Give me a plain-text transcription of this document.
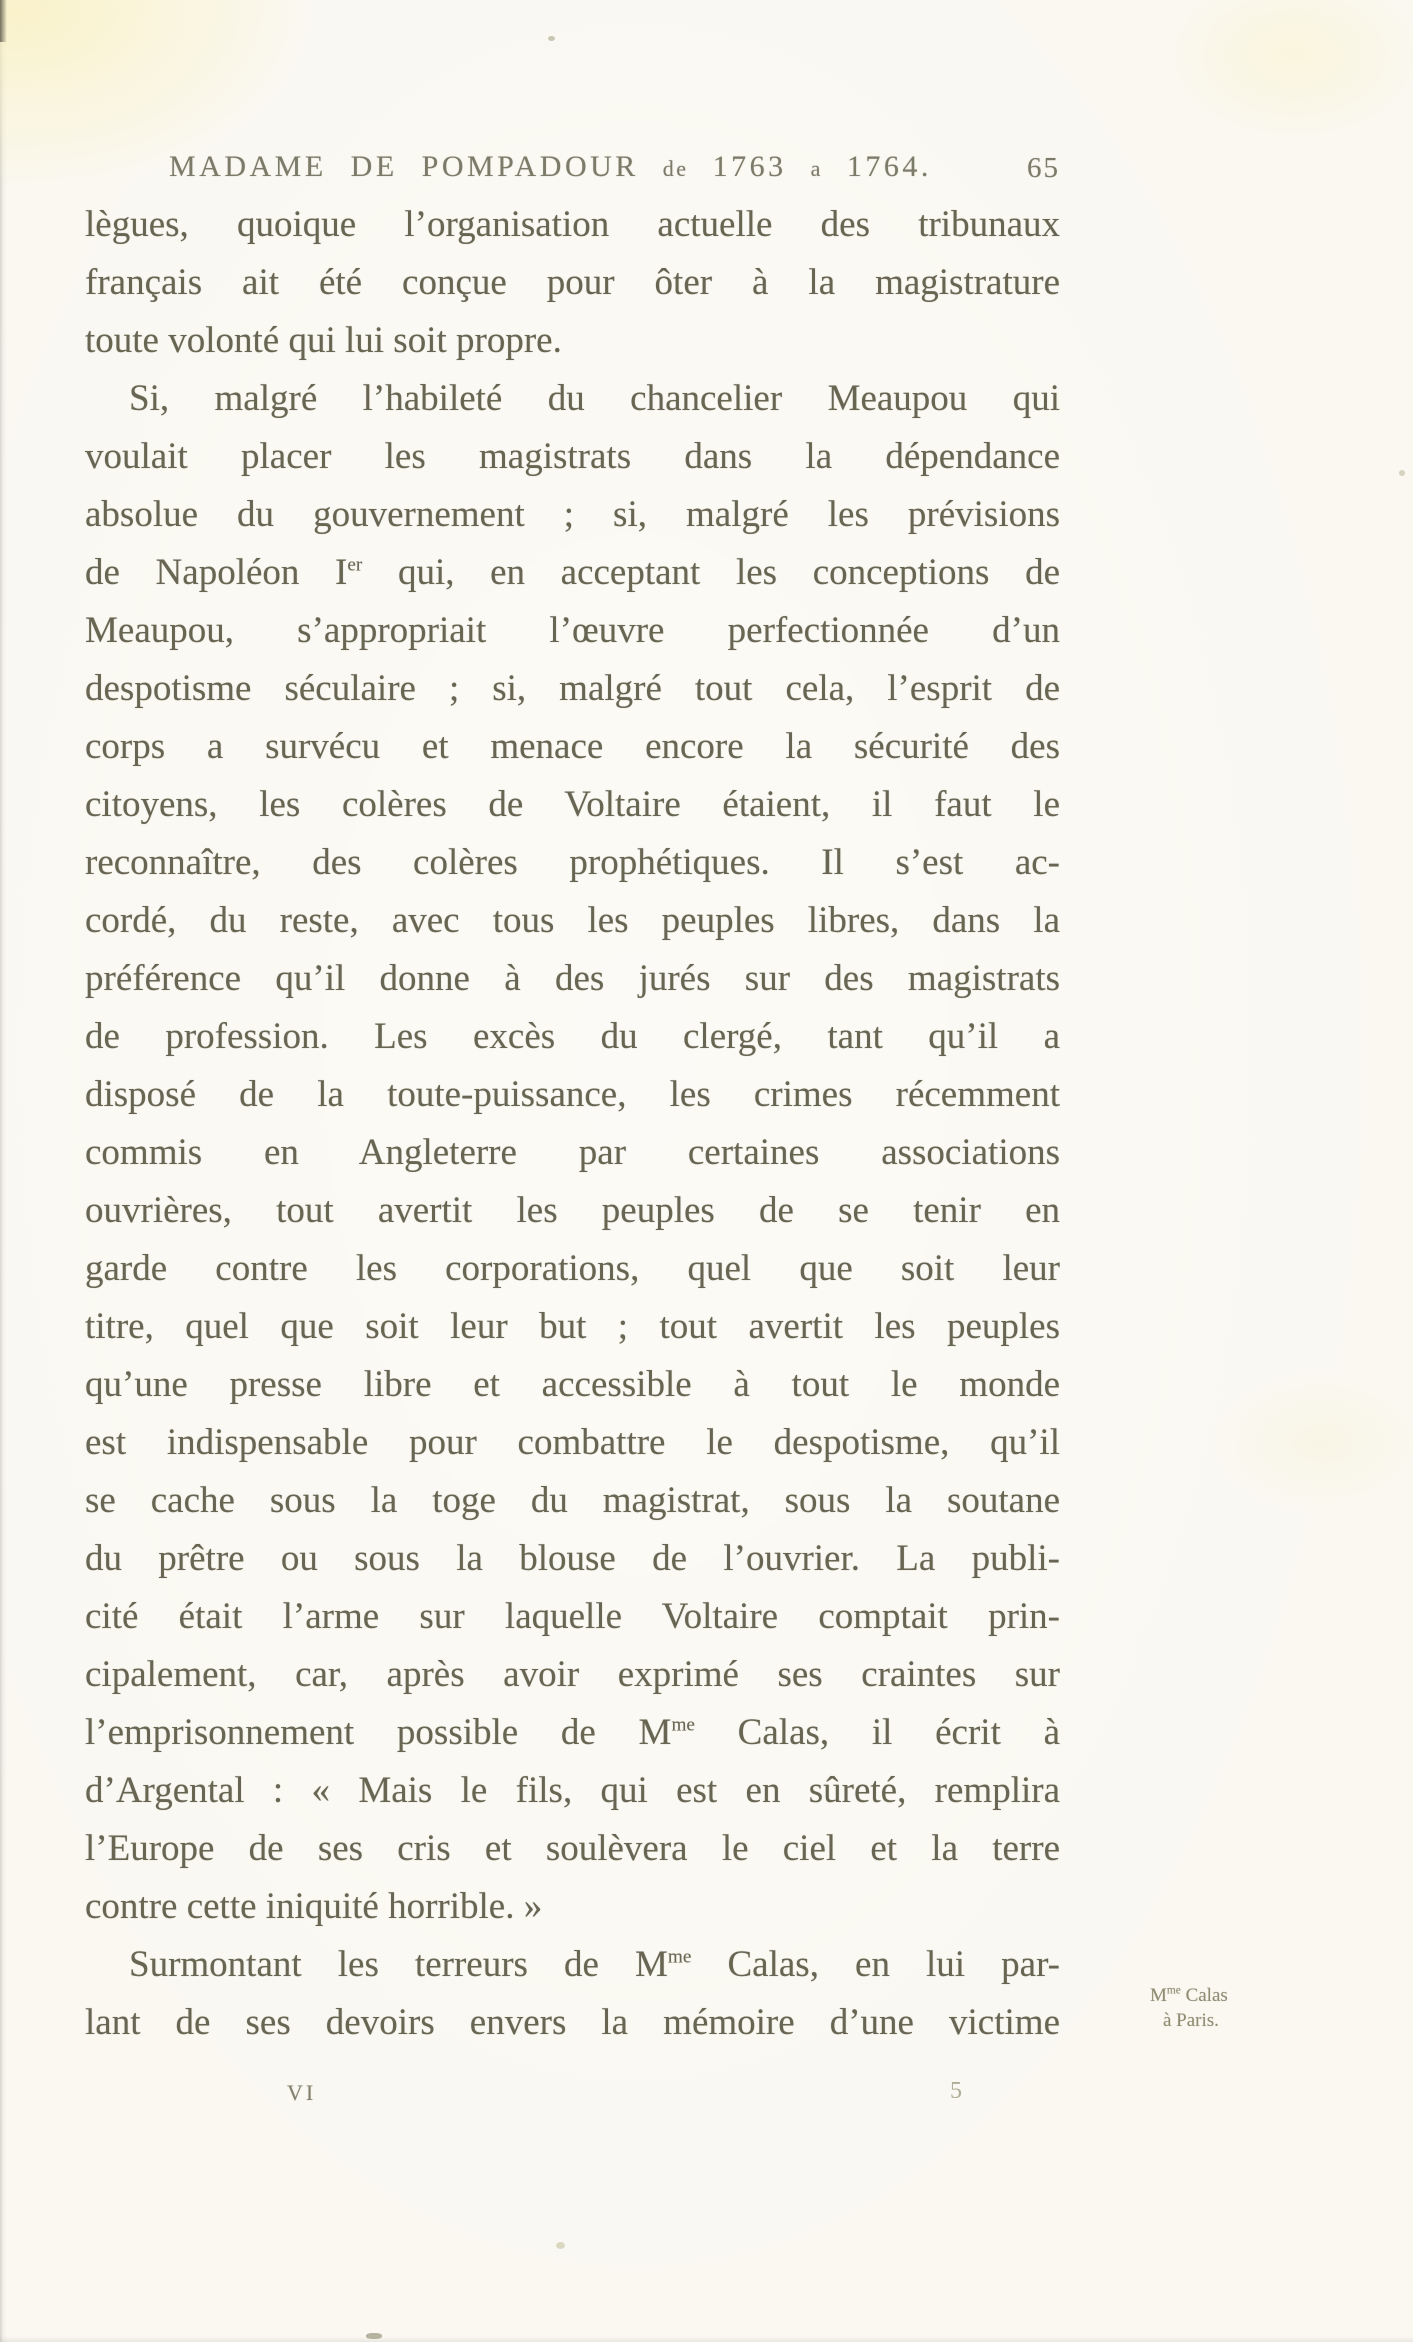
MADAME DE POMPADOUR de 1763 a 1764.	65
lègues, quoique l’organisation actuelle des tribunaux
français ait été conçue pour ôter à la magistrature
toute volonté qui lui soit propre.
Si, malgré l’habileté du chancelier Meaupou qui
voulait placer les magistrats dans la dépendance
absolue du gouvernement ; si, malgré les prévisions
de Napoléon Ier qui, en acceptant les conceptions de
Meaupou, s’appropriait l’œuvre perfectionnée d’un
despotisme séculaire ; si, malgré tout cela, l’esprit de
corps a survécu et menace encore la sécurité des
citoyens, les colères de Voltaire étaient, il faut le
reconnaître, des colères prophétiques. Il s’est ac-
cordé, du reste, avec tous les peuples libres, dans la
préférence qu’il donne à des jurés sur des magistrats
de profession. Les excès du clergé, tant qu’il a
disposé de la toute-puissance, les crimes récemment
commis en Angleterre par certaines associations
ouvrières, tout avertit les peuples de se tenir en
garde contre les corporations, quel que soit leur
titre, quel que soit leur but ; tout avertit les peuples
qu’une presse libre et accessible à tout le monde
est indispensable pour combattre le despotisme, qu’il
se cache sous la toge du magistrat, sous la soutane
du prêtre ou sous la blouse de l’ouvrier. La publi-
cité était l’arme sur laquelle Voltaire comptait prin-
cipalement, car, après avoir exprimé ses craintes sur
l’emprisonnement possible de $M^{me}$ Calas, il écrit à
d’Argental : « Mais le fils, qui est en sûreté, remplira
l’Europe de ses cris et soulèvera le ciel et la terre
contre cette iniquité horrible. »
Surmontant les terreurs de $M^{me}$ Calas, en lui par-
lant de ses devoirs envers la mémoire d’une victime
$M^{me}$ Calas
à Paris.
VI	5
